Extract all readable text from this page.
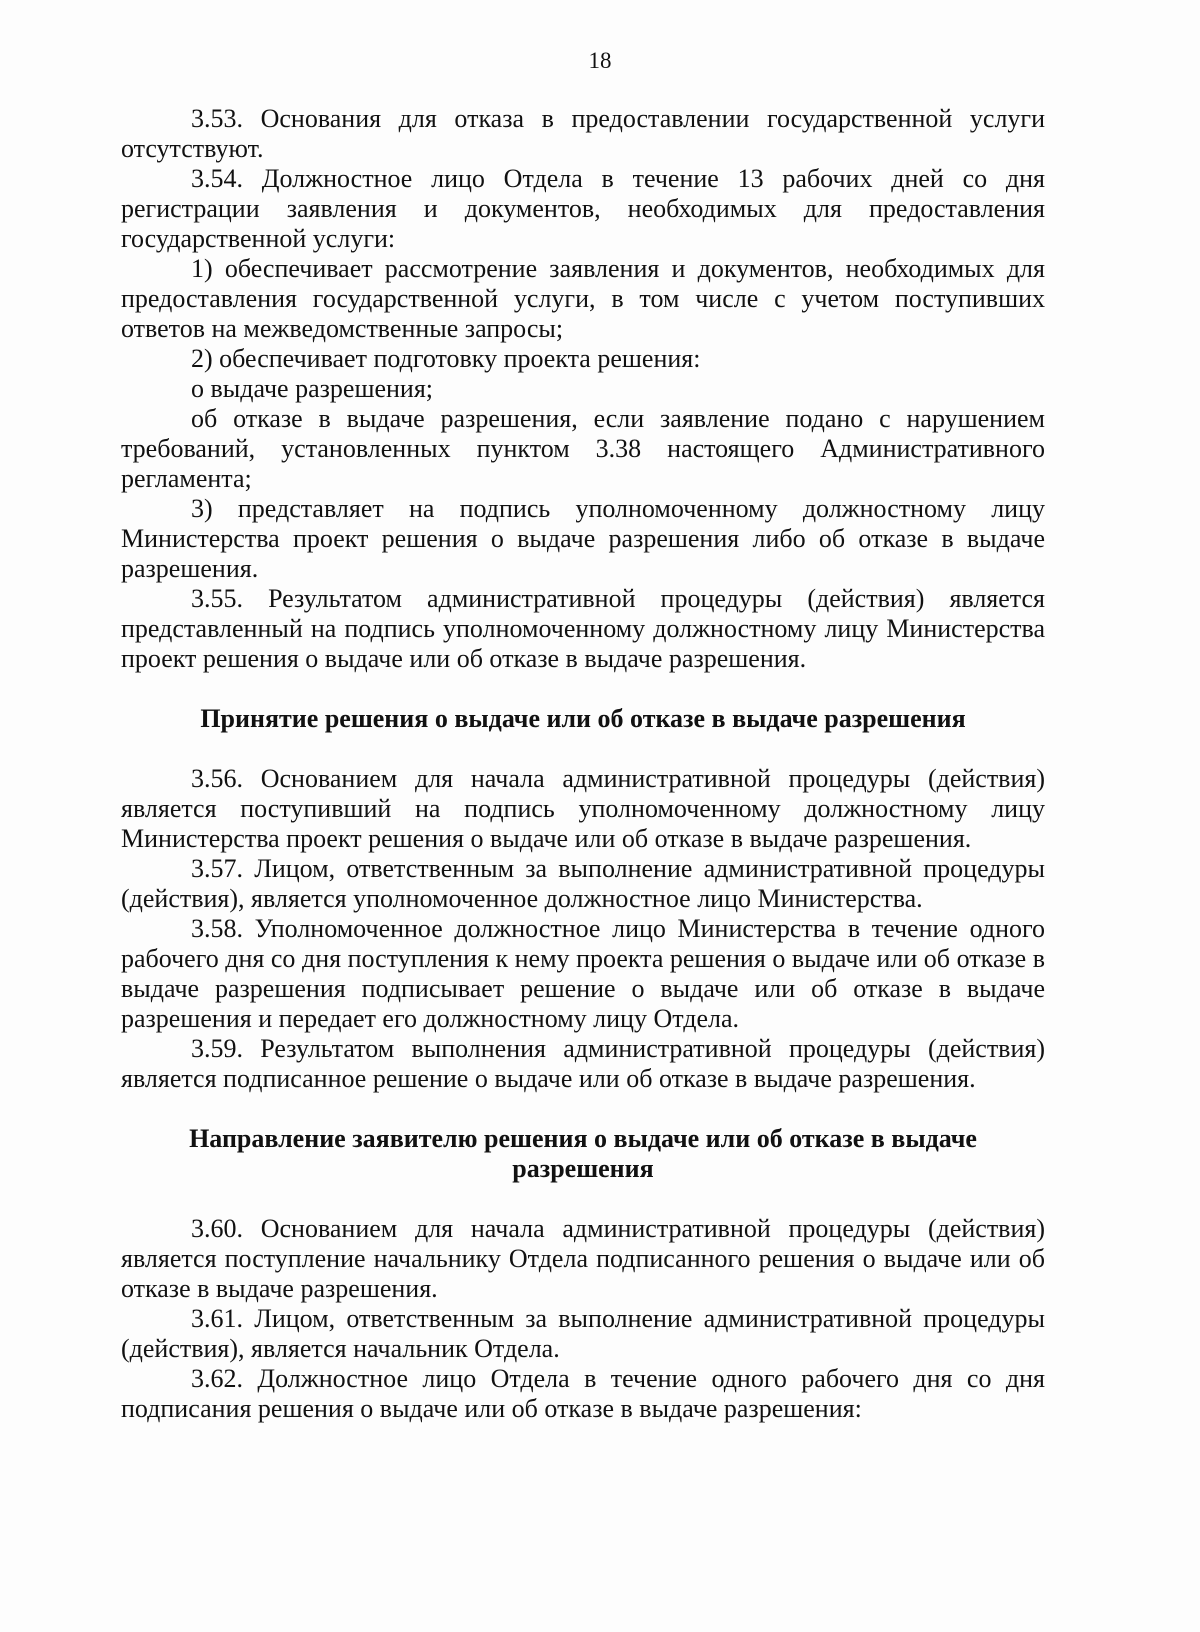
18

3.53. Основания для отказа в предоставлении государственной услуги отсутствуют.

3.54. Должностное лицо Отдела в течение 13 рабочих дней со дня регистрации заявления и документов, необходимых для предоставления государственной услуги:

1) обеспечивает рассмотрение заявления и документов, необходимых для предоставления государственной услуги, в том числе с учетом поступивших ответов на межведомственные запросы;

2) обеспечивает подготовку проекта решения:

о выдаче разрешения;

об отказе в выдаче разрешения, если заявление подано с нарушением требований, установленных пунктом 3.38 настоящего Административного регламента;

3) представляет на подпись уполномоченному должностному лицу Министерства проект решения о выдаче разрешения либо об отказе в выдаче разрешения.

3.55. Результатом административной процедуры (действия) является представленный на подпись уполномоченному должностному лицу Министерства проект решения о выдаче или об отказе в выдаче разрешения.

Принятие решения о выдаче или об отказе в выдаче разрешения

3.56. Основанием для начала административной процедуры (действия) является поступивший на подпись уполномоченному должностному лицу Министерства проект решения о выдаче или об отказе в выдаче разрешения.

3.57. Лицом, ответственным за выполнение административной процедуры (действия), является уполномоченное должностное лицо Министерства.

3.58. Уполномоченное должностное лицо Министерства в течение одного рабочего дня со дня поступления к нему проекта решения о выдаче или об отказе в выдаче разрешения подписывает решение о выдаче или об отказе в выдаче разрешения и передает его должностному лицу Отдела.

3.59. Результатом выполнения административной процедуры (действия) является подписанное решение о выдаче или об отказе в выдаче разрешения.

Направление заявителю решения о выдаче или об отказе в выдаче
разрешения

3.60. Основанием для начала административной процедуры (действия) является поступление начальнику Отдела подписанного решения о выдаче или об отказе в выдаче разрешения.

3.61. Лицом, ответственным за выполнение административной процедуры (действия), является начальник Отдела.

3.62. Должностное лицо Отдела в течение одного рабочего дня со дня подписания решения о выдаче или об отказе в выдаче разрешения:
